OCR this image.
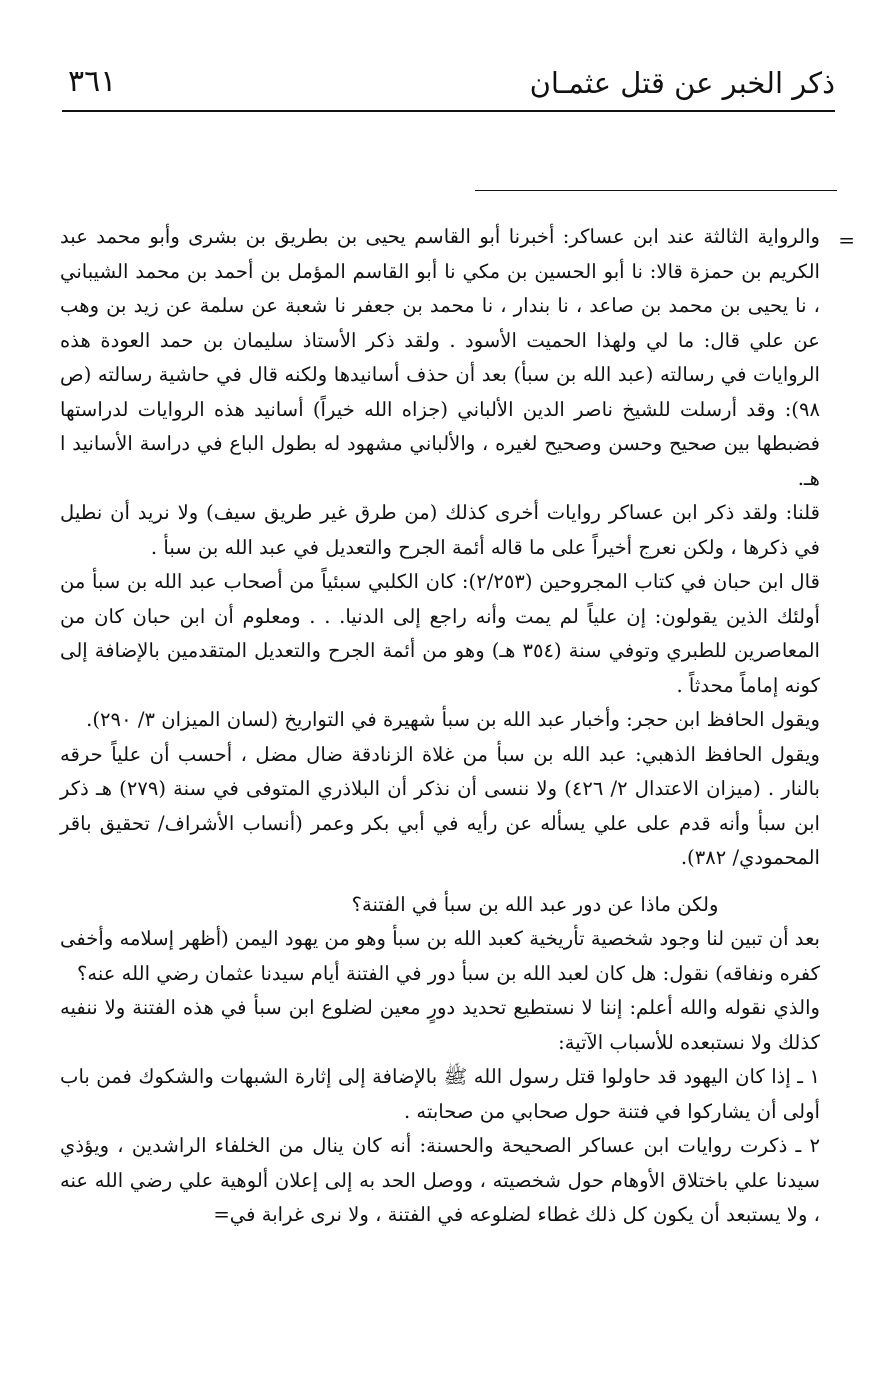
ذكر الخبر عن قتل عثمـان
٣٦١
=

والرواية الثالثة عند ابن عساكر: أخبرنا أبو القاسم يحيى بن بطريق بن بشرى وأبو محمد عبد الكريم بن حمزة قالا: نا أبو الحسين بن مكي نا أبو القاسم المؤمل بن أحمد بن محمد الشيباني ، نا يحيى بن محمد بن صاعد ، نا بندار ، نا محمد بن جعفر نا شعبة عن سلمة عن زيد بن وهب عن علي قال: ما لي ولهذا الحميت الأسود . ولقد ذكر الأستاذ سليمان بن حمد العودة هذه الروايات في رسالته (عبد الله بن سبأ) بعد أن حذف أسانيدها ولكنه قال في حاشية رسالته (ص ٩٨): وقد أرسلت للشيخ ناصر الدين الألباني (جزاه الله خيراً) أسانيد هذه الروايات لدراستها فضبطها بين صحيح وحسن وصحيح لغيره ، والألباني مشهود له بطول الباع في دراسة الأسانيد ا هـ.

قلنا: ولقد ذكر ابن عساكر روايات أخرى كذلك (من طرق غير طريق سيف) ولا نريد أن نطيل في ذكرها ، ولكن نعرج أخيراً على ما قاله أئمة الجرح والتعديل في عبد الله بن سبأ .

قال ابن حبان في كتاب المجروحين (٢/٢٥٣): كان الكلبي سبئياً من أصحاب عبد الله بن سبأ من أولئك الذين يقولون: إن علياً لم يمت وأنه راجع إلى الدنيا. . . ومعلوم أن ابن حبان كان من المعاصرين للطبري وتوفي سنة (٣٥٤ هـ) وهو من أئمة الجرح والتعديل المتقدمين بالإضافة إلى كونه إماماً محدثاً .

ويقول الحافظ ابن حجر: وأخبار عبد الله بن سبأ شهيرة في التواريخ (لسان الميزان ٣/ ٢٩٠).

ويقول الحافظ الذهبي: عبد الله بن سبأ من غلاة الزنادقة ضال مضل ، أحسب أن علياً حرقه بالنار . (ميزان الاعتدال ٢/ ٤٢٦) ولا ننسى أن نذكر أن البلاذري المتوفى في سنة (٢٧٩) هـ ذكر ابن سبأ وأنه قدم على علي يسأله عن رأيه في أبي بكر وعمر (أنساب الأشراف/ تحقيق باقر المحمودي/ ٣٨٢).

ولكن ماذا عن دور عبد الله بن سبأ في الفتنة؟

بعد أن تبين لنا وجود شخصية تأريخية كعبد الله بن سبأ وهو من يهود اليمن (أظهر إسلامه وأخفى كفره ونفاقه) نقول: هل كان لعبد الله بن سبأ دور في الفتنة أيام سيدنا عثمان رضي الله عنه؟

والذي نقوله والله أعلم: إننا لا نستطيع تحديد دورٍ معين لضلوع ابن سبأ في هذه الفتنة ولا ننفيه كذلك ولا نستبعده للأسباب الآتية:

١ ـ إذا كان اليهود قد حاولوا قتل رسول الله ﷺ بالإضافة إلى إثارة الشبهات والشكوك فمن باب أولى أن يشاركوا في فتنة حول صحابي من صحابته .

٢ ـ ذكرت روايات ابن عساكر الصحيحة والحسنة: أنه كان ينال من الخلفاء الراشدين ، ويؤذي سيدنا علي باختلاق الأوهام حول شخصيته ، ووصل الحد به إلى إعلان ألوهية علي رضي الله عنه ، ولا يستبعد أن يكون كل ذلك غطاء لضلوعه في الفتنة ، ولا نرى غرابة في=
